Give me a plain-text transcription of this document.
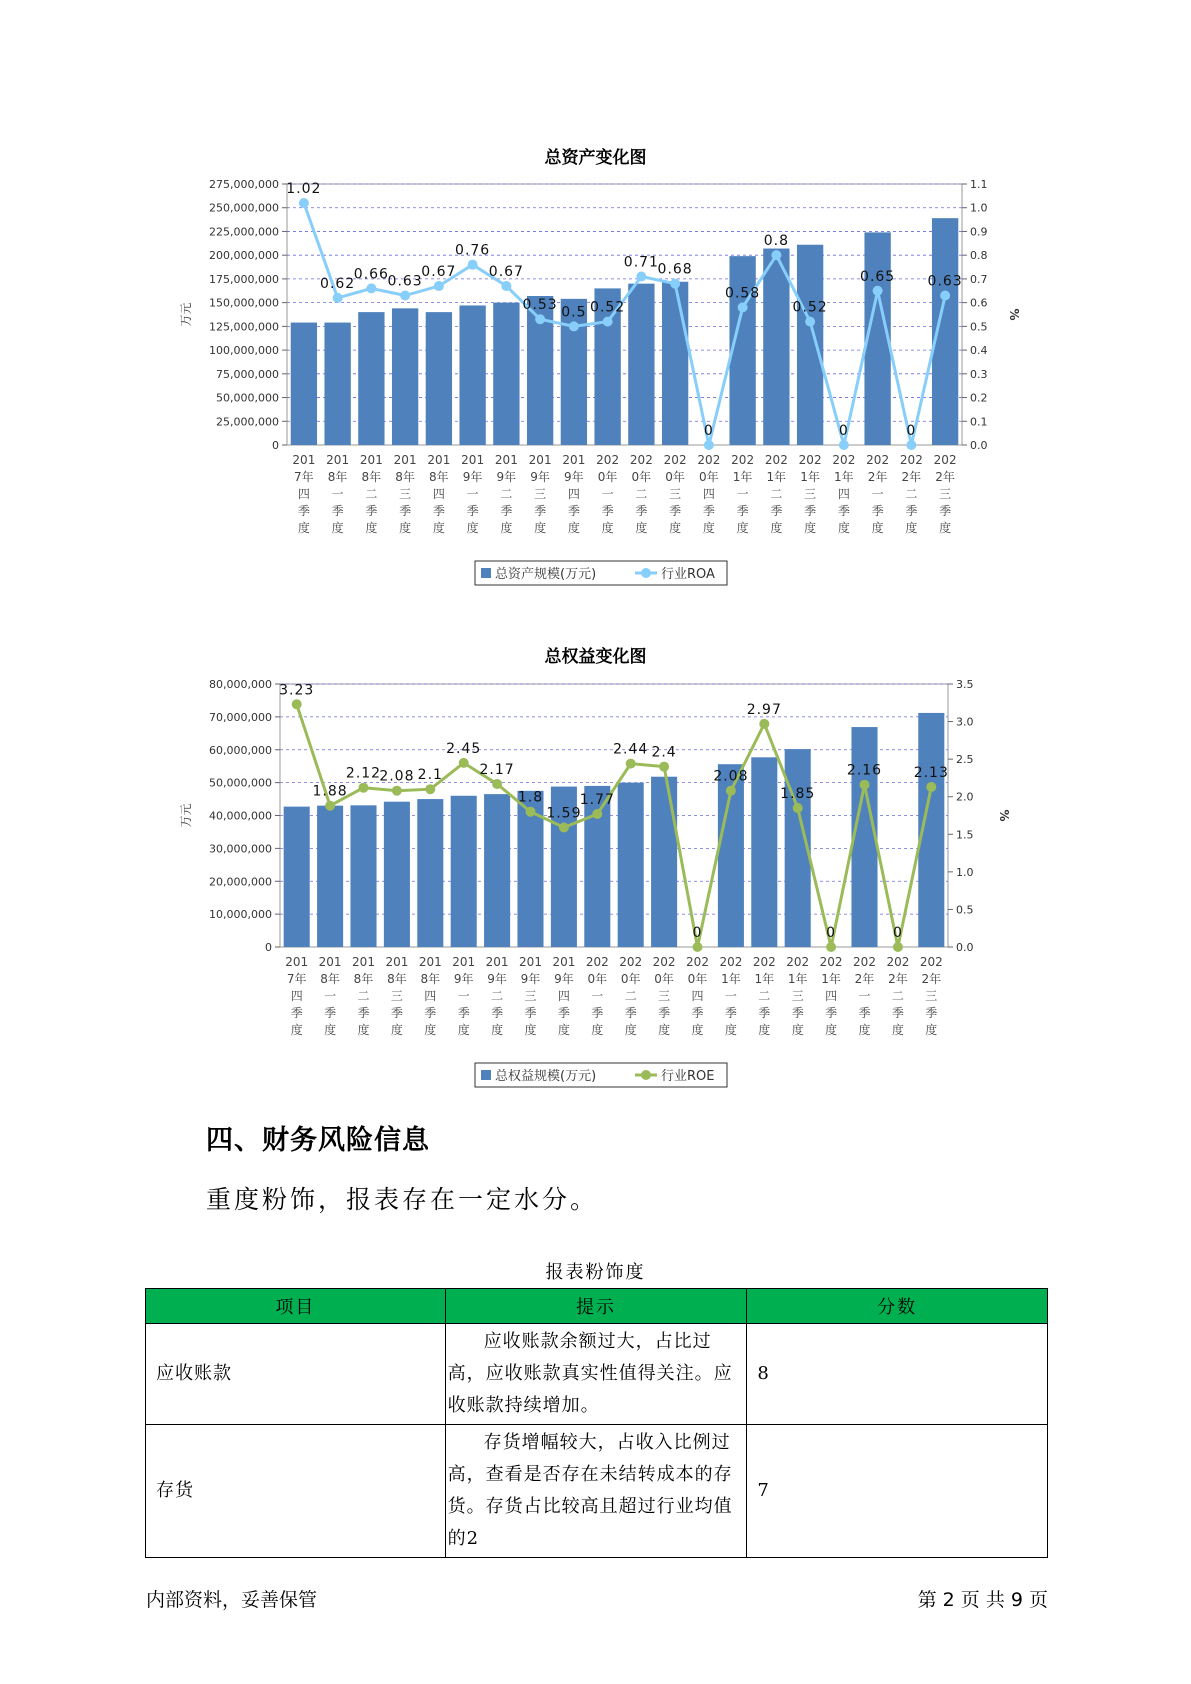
总资产变化图
0
25,000,000
50,000,000
75,000,000
100,000,000
125,000,000
150,000,000
175,000,000
200,000,000
225,000,000
250,000,000
275,000,000
0.0
0.1
0.2
0.3
0.4
0.5
0.6
0.7
0.8
0.9
1.0
1.1
万元	%
1.02
0.62
0.66
0.63
0.67
0.76
0.67
0.53 0.5 0.52
0.71
0.68
0
0.58
0.8
0.52
0
0.65
0
0.63
201
7年
四
季
度
201
8年
一
季
度
201
8年
二
季
度
201
8年
三
季
度
201
8年
四
季
度
201
9年
一
季
度
201
9年
二
季
度
201
9年
三
季
度
201
9年
四
季
度
202
0年
一
季
度
202
0年
二
季
度
202
0年
三
季
度
202
0年
四
季
度
202
1年
一
季
度
202
1年
二
季
度
202
1年
三
季
度
202
1年
四
季
度
202
2年
一
季
度
202
2年
二
季
度
202
2年
三
季
度
总资产规模(万元)	行业ROA
总权益变化图
0
10,000,000
20,000,000
30,000,000
40,000,000
50,000,000
60,000,000
70,000,000
80,000,000
0.0
0.5
1.0
1.5
2.0
2.5
3.0
3.5
万元	%
3.23
1.88
2.12
2.08 2.1
2.45
2.17
1.8
1.59
1.77
2.44 2.4
0
2.08
2.97
1.85
0
2.16
0
2.13
201
7年
四
季
度
201
8年
一
季
度
201
8年
二
季
度
201
8年
三
季
度
201
8年
四
季
度
201
9年
一
季
度
201
9年
二
季
度
201
9年
三
季
度
201
9年
四
季
度
202
0年
一
季
度
202
0年
二
季
度
202
0年
三
季
度
202
0年
四
季
度
202
1年
一
季
度
202
1年
二
季
度
202
1年
三
季
度
202
1年
四
季
度
202
2年
一
季
度
202
2年
二
季
度
202
2年
三
季
度
总权益规模(万元)	行业ROE
四、财务风险信息
重度粉饰，报表存在一定水分。
报表粉饰度
项目	提示	分数
应收账款	应收账款余额过大，占比过高，应收账款真实性值得关注。应收账款持续增加。	8
存货	存货增幅较大，占收入比例过高，查看是否存在未结转成本的存货。存货占比较高且超过行业均值的2	7
内部资料，妥善保管	第 2 页 共 9 页
